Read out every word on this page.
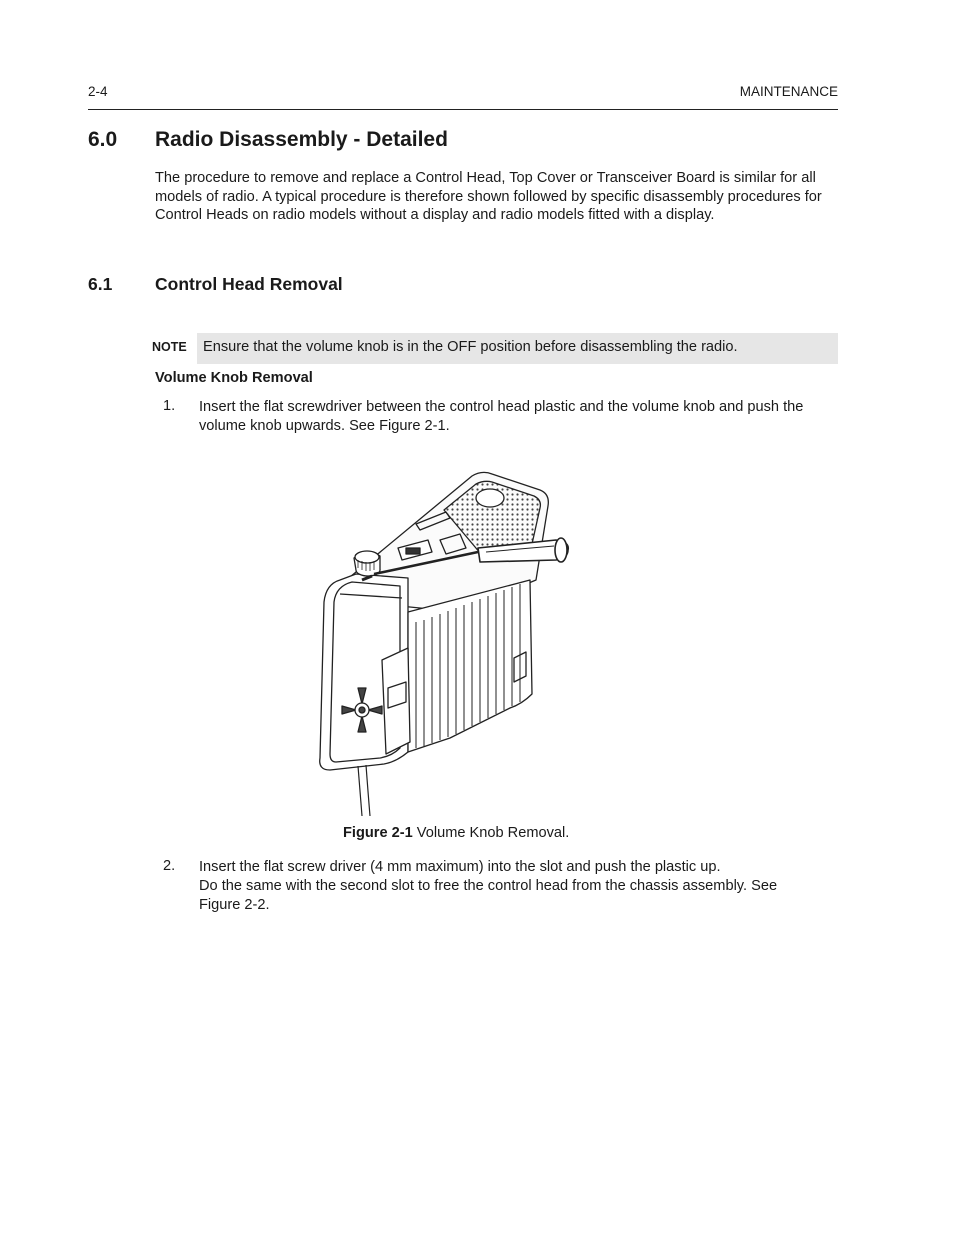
2-4	MAINTENANCE
6.0 Radio Disassembly - Detailed
The procedure to remove and replace a Control Head, Top Cover or Transceiver Board is similar for all models of radio. A typical procedure is therefore shown followed by specific disassembly procedures for Control Heads on radio models without a display and radio models fitted with a display.
6.1 Control Head Removal
NOTE Ensure that the volume knob is in the OFF position before disassembling the radio.
Volume Knob Removal
1. Insert the flat screwdriver between the control head plastic and the volume knob and push the
volume knob upwards. See Figure 2-1.
Figure 2-1 Volume Knob Removal.
2. Insert the flat screw driver (4 mm maximum) into the slot and push the plastic up.
Do the same with the second slot to free the control head from the chassis assembly. See
Figure 2-2.
